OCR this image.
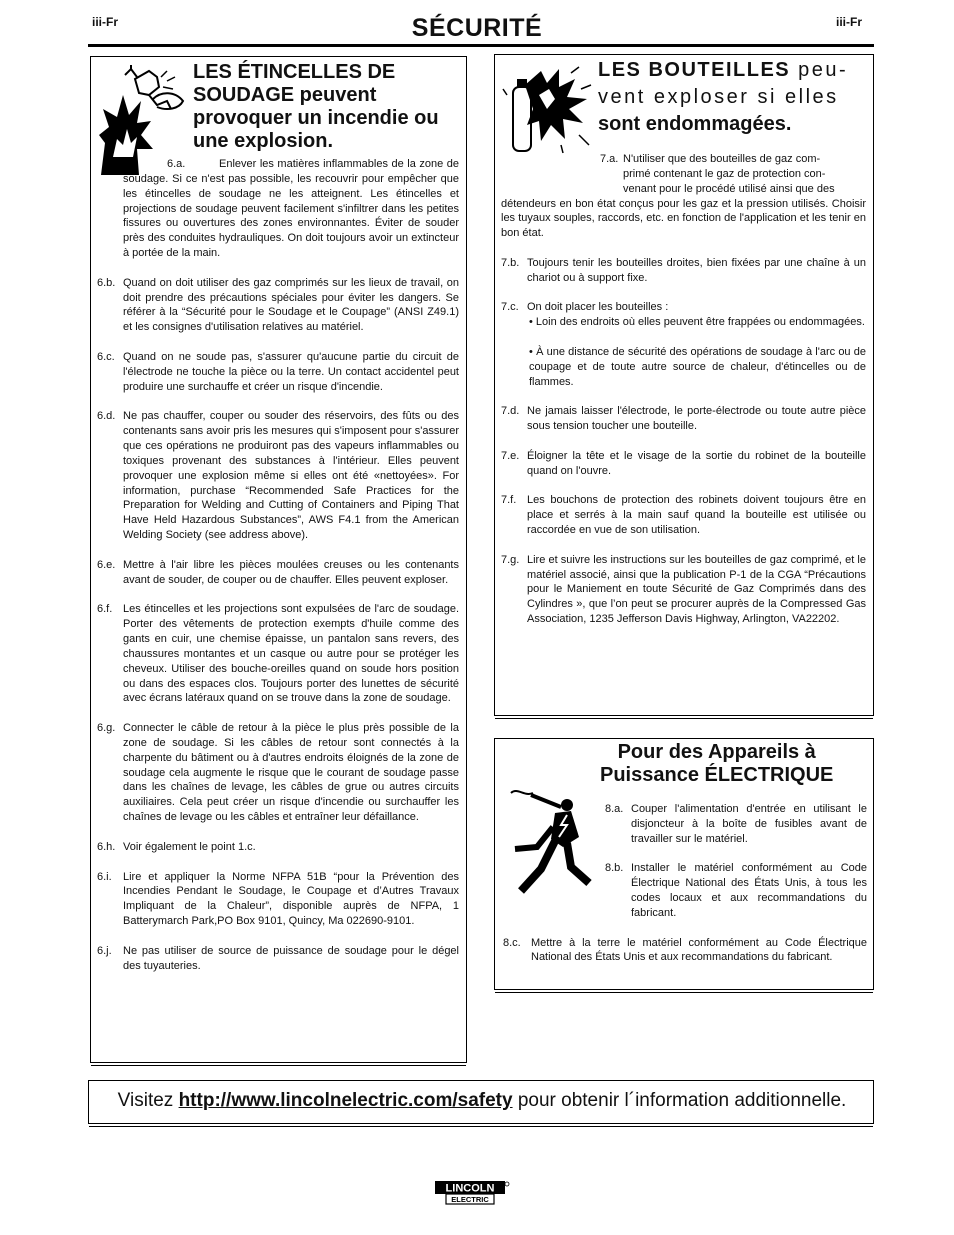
iii-Fr	SÉCURITÉ	iii-Fr
LES ÉTINCELLES DE SOUDAGE peuvent provoquer un incendie ou une explosion.
6.a.	Enlever les matières inflammables de la zone de soudage. Si ce n'est pas possible, les recouvrir pour empêcher que les étincelles de soudage ne les atteignent. Les étincelles et projections de soudage peuvent facilement s'infiltrer dans les petites fissures ou ouvertures des zones environnantes. Éviter de souder près des conduites hydrauliques. On doit toujours avoir un extincteur à portée de la main.
6.b. Quand on doit utiliser des gaz comprimés sur les lieux de travail, on doit prendre des précautions spéciales pour éviter les dangers. Se référer à la “Sécurité pour le Soudage et le Coupage” (ANSI Z49.1) et les consignes d'utilisation relatives au matériel.
6.c. Quand on ne soude pas, s'assurer qu'aucune partie du circuit de l'électrode ne touche la pièce ou la terre. Un contact accidentel peut produire une surchauffe et créer un risque d'incendie.
6.d. Ne pas chauffer, couper ou souder des réservoirs, des fûts ou des contenants sans avoir pris les mesures qui s'imposent pour s'assurer que ces opérations ne produiront pas des vapeurs inflammables ou toxiques provenant des substances à l'intérieur. Elles peuvent provoquer une explosion même si elles ont été «nettoyées». For information, purchase “Recommended Safe Practices for the Preparation for Welding and Cutting of Containers and Piping That Have Held Hazardous Substances”, AWS F4.1 from the American Welding Society (see address above).
6.e. Mettre à l'air libre les pièces moulées creuses ou les contenants avant de souder, de couper ou de chauffer. Elles peuvent exploser.
6.f. Les étincelles et les projections sont expulsées de l'arc de soudage. Porter des vêtements de protection exempts d'huile comme des gants en cuir, une chemise épaisse, un pantalon sans revers, des chaussures montantes et un casque ou autre pour se protéger les cheveux. Utiliser des bouche-oreilles quand on soude hors position ou dans des espaces clos. Toujours porter des lunettes de sécurité avec écrans latéraux quand on se trouve dans la zone de soudage.
6.g. Connecter le câble de retour à la pièce le plus près possible de la zone de soudage. Si les câbles de retour sont connectés à la charpente du bâtiment ou à d'autres endroits éloignés de la zone de soudage cela augmente le risque que le courant de soudage passe dans les chaînes de levage, les câbles de grue ou autres circuits auxiliaires. Cela peut créer un risque d'incendie ou surchauffer les chaînes de levage ou les câbles et entraîner leur défaillance.
6.h. Voir également le point 1.c.
6.i. Lire et appliquer la Norme NFPA 51B “pour la Prévention des Incendies Pendant le Soudage, le Coupage et d’Autres Travaux Impliquant de la Chaleur”, disponible auprès de NFPA, 1 Batterymarch Park,PO Box 9101, Quincy, Ma 022690-9101.
6.j. Ne pas utiliser de source de puissance de soudage pour le dégel des tuyauteries.
LES BOUTEILLES peu-
vent exploser si elles
sont endommagées.
7.a. N'utiliser que des bouteilles de gaz com-
primé contenant le gaz de protection con-
venant pour le procédé utilisé ainsi que des
détendeurs en bon état conçus pour les gaz et la pression utilisés. Choisir les tuyaux souples, raccords, etc. en fonction de l'application et les tenir en bon état.
7.b. Toujours tenir les bouteilles droites, bien fixées par une chaîne à un chariot ou à support fixe.
7.c. On doit placer les bouteilles :
• Loin des endroits où elles peuvent être frappées ou endommagées.
• À une distance de sécurité des opérations de soudage à l'arc ou de coupage et de toute autre source de chaleur, d'étincelles ou de flammes.
7.d. Ne jamais laisser l'électrode, le porte-électrode ou toute autre pièce sous tension toucher une bouteille.
7.e. Éloigner la tête et le visage de la sortie du robinet de la bouteille quand on l'ouvre.
7.f. Les bouchons de protection des robinets doivent toujours être en place et serrés à la main sauf quand la bouteille est utilisée ou raccordée en vue de son utilisation.
7.g. Lire et suivre les instructions sur les bouteilles de gaz comprimé, et le matériel associé, ainsi que la publication P-1 de la CGA “Précautions pour le Maniement en toute Sécurité de Gaz Comprimés dans des Cylindres », que l’on peut se procurer auprès de la Compressed Gas Association, 1235 Jefferson Davis Highway, Arlington, VA22202.
Pour des Appareils à
Puissance ÉLECTRIQUE
8.a. Couper l'alimentation d'entrée en utilisant le disjoncteur à la boîte de fusibles avant de travailler sur le matériel.
8.b. Installer le matériel conformément au Code Électrique National des États Unis, à tous les codes locaux et aux recommandations du fabricant.
8.c. Mettre à la terre le matériel conformément au Code Électrique National des États Unis et aux recommandations du fabricant.
Visitez http://www.lincolnelectric.com/safety pour obtenir l´information additionnelle.
LINCOLN
ELECTRIC
